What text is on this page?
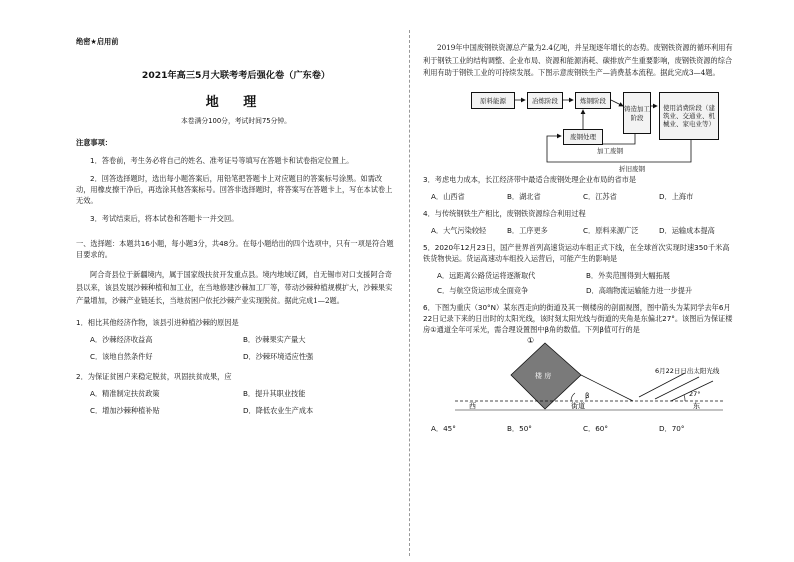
绝密★启用前
2021年高三5月大联考考后强化卷（广东卷）
地 理
本卷满分100分，考试时间75分钟。

注意事项：

1．答卷前，考生务必将自己的姓名、准考证号等填写在答题卡和试卷指定位置上。

2．回答选择题时，选出每小题答案后，用铅笔把答题卡上对应题目的答案标号涂黑。如需改动，用橡皮擦干净后，再选涂其他答案标号。回答非选择题时，将答案写在答题卡上，写在本试卷上无效。

3．考试结束后，将本试卷和答题卡一并交回。

一、选择题：本题共16小题，每小题3分，共48分。在每小题给出的四个选项中，只有一项是符合题目要求的。

阿合奇县位于新疆境内，属于国家级扶贫开发重点县。境内地域辽阔，自无锡市对口支援阿合奇县以来，该县发展沙棘种植和加工业，在当地修建沙棘加工厂等，带动沙棘种植规模扩大，沙棘果实产量增加，沙棘产业链延长，当地贫困户依托沙棘产业实现脱贫。据此完成1—2题。

1．相比其他经济作物，该县引进种植沙棘的原因是

A．沙棘经济收益高	B．沙棘果实产量大
C．该地自然条件好	D．沙棘环境适应性强

2．为保证贫困户来稳定脱贫，巩固扶贫成果，应

A．精准制定扶贫政策	B．提升其职业技能
C．增加沙棘种植补贴	D．降低农业生产成本

2019年中国废钢铁资源总产量为2.4亿吨，并呈现逐年增长的态势。废钢铁资源的循环利用有利于钢铁工业的结构调整、企业布局、资源和能源消耗、碳排放产生重要影响，废钢铁资源的综合利用有助于钢铁工业的可持续发展。下图示意废钢铁生产—消费基本流程。据此完成3—4题。

原料能源	冶炼阶段	炼钢阶段
铸造加工阶段
使用消费阶段（建筑业、交通业、机械业、家电业等）
废钢处理
加工废钢
折旧废钢

3．考虑电力成本，长江经济带中最适合废钢处理企业布局的省市是

A．山西省	B．湖北省	C．江苏省	D．上海市

4．与传统钢铁生产相比，废钢铁资源综合利用过程

A．大气污染较轻	B．工序更多	C．原料来源广泛	D．运输成本提高

5．2020年12月23日，国产世界首列高速货运动车组正式下线，在全球首次实现时速350千米高铁货物快运。货运高速动车组投入运营后，可能产生的影响是

A．远距离公路货运将逐渐取代	B．外卖范围得到大幅拓展
C．与航空货运形成全面竞争	D．高端物流运输能力进一步提升

6．下图为重庆（30°N）某东西走向的街道及其一侧楼房的剖面视图，图中箭头为某同学去年6月22日记录下来的日出时的太阳光线，该时刻太阳光线与街道的夹角是东偏北27°。该图后为保证楼房①通道全年可采光，需合理设置图中β角的数值。下列β值可行的是

①
楼 房
β
6月22日日出太阳光线
27°
西	街道	东
A．45°	B．50°	C．60°	D．70°
